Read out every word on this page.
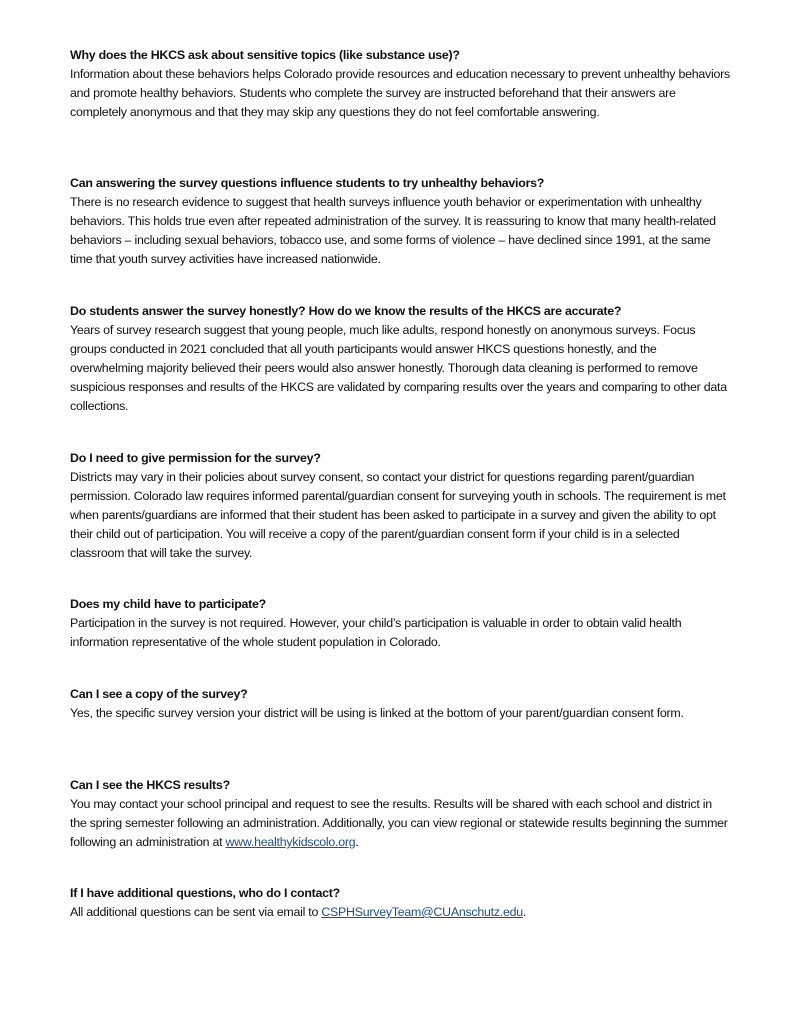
Why does the HKCS ask about sensitive topics (like substance use)?

Information about these behaviors helps Colorado provide resources and education necessary to prevent unhealthy behaviors and promote healthy behaviors. Students who complete the survey are instructed beforehand that their answers are completely anonymous and that they may skip any questions they do not feel comfortable answering.

Can answering the survey questions influence students to try unhealthy behaviors?

There is no research evidence to suggest that health surveys influence youth behavior or experimentation with unhealthy behaviors. This holds true even after repeated administration of the survey. It is reassuring to know that many health-related behaviors – including sexual behaviors, tobacco use, and some forms of violence – have declined since 1991, at the same time that youth survey activities have increased nationwide.

Do students answer the survey honestly? How do we know the results of the HKCS are accurate?

Years of survey research suggest that young people, much like adults, respond honestly on anonymous surveys. Focus groups conducted in 2021 concluded that all youth participants would answer HKCS questions honestly, and the overwhelming majority believed their peers would also answer honestly. Thorough data cleaning is performed to remove suspicious responses and results of the HKCS are validated by comparing results over the years and comparing to other data collections.

Do I need to give permission for the survey?

Districts may vary in their policies about survey consent, so contact your district for questions regarding parent/guardian permission. Colorado law requires informed parental/guardian consent for surveying youth in schools. The requirement is met when parents/guardians are informed that their student has been asked to participate in a survey and given the ability to opt their child out of participation. You will receive a copy of the parent/guardian consent form if your child is in a selected classroom that will take the survey.

Does my child have to participate?

Participation in the survey is not required. However, your child’s participation is valuable in order to obtain valid health information representative of the whole student population in Colorado.

Can I see a copy of the survey?

Yes, the specific survey version your district will be using is linked at the bottom of your parent/guardian consent form.

Can I see the HKCS results?

You may contact your school principal and request to see the results. Results will be shared with each school and district in the spring semester following an administration. Additionally, you can view regional or statewide results beginning the summer following an administration at www.healthykidscolo.org.

If I have additional questions, who do I contact?

All additional questions can be sent via email to CSPHSurveyTeam@CUAnschutz.edu.
